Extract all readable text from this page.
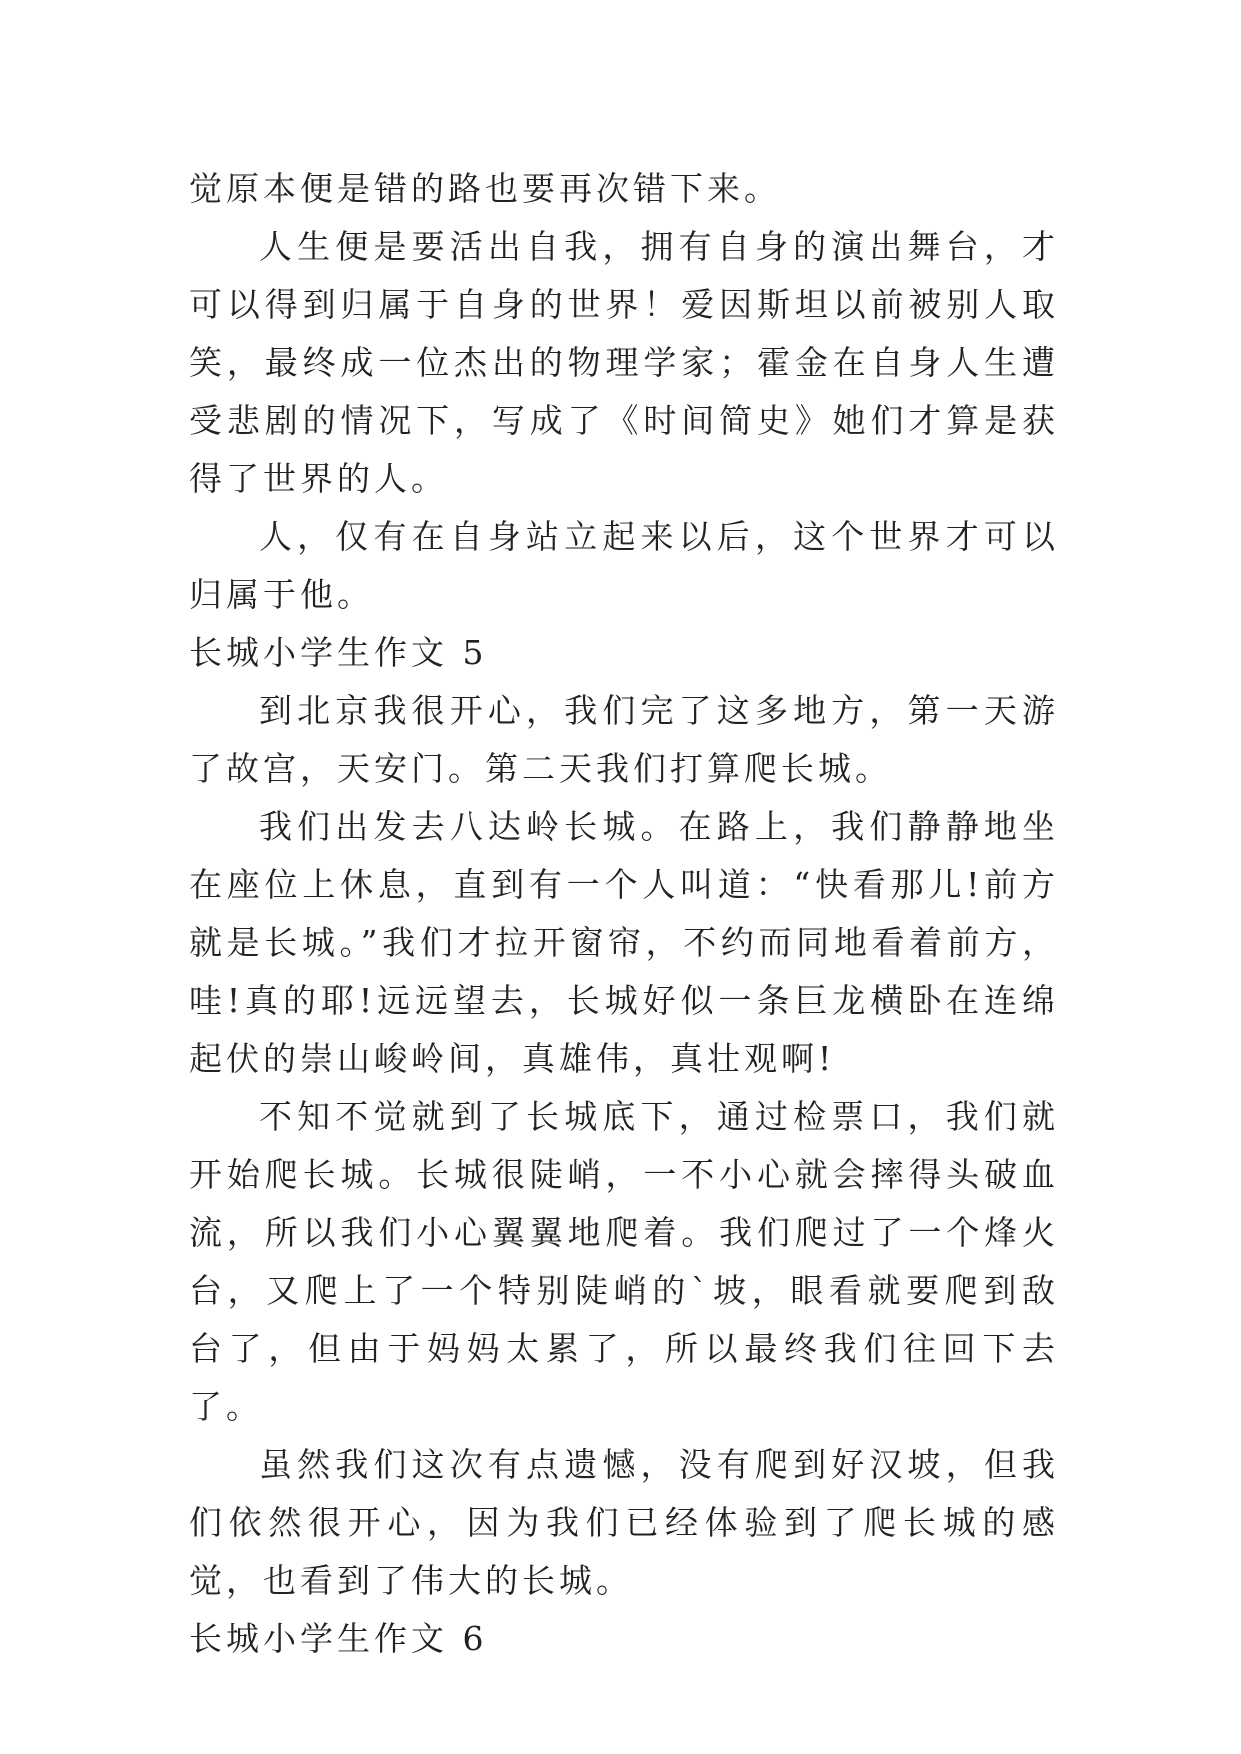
觉原本便是错的路也要再次错下来。

人生便是要活出自我，拥有自身的演出舞台，才可以得到归属于自身的世界！爱因斯坦以前被别人取笑，最终成一位杰出的物理学家；霍金在自身人生遭受悲剧的情况下，写成了《时间简史》她们才算是获得了世界的人。

人，仅有在自身站立起来以后，这个世界才可以归属于他。

长城小学生作文 5

到北京我很开心，我们完了这多地方，第一天游了故宫，天安门。第二天我们打算爬长城。

我们出发去八达岭长城。在路上，我们静静地坐在座位上休息，直到有一个人叫道：“快看那儿!前方就是长城。”我们才拉开窗帘，不约而同地看着前方，哇!真的耶!远远望去，长城好似一条巨龙横卧在连绵起伏的崇山峻岭间，真雄伟，真壮观啊!

不知不觉就到了长城底下，通过检票口，我们就开始爬长城。长城很陡峭，一不小心就会摔得头破血流，所以我们小心翼翼地爬着。我们爬过了一个烽火台，又爬上了一个特别陡峭的`坡，眼看就要爬到敌台了，但由于妈妈太累了，所以最终我们往回下去了。

虽然我们这次有点遗憾，没有爬到好汉坡，但我们依然很开心，因为我们已经体验到了爬长城的感觉，也看到了伟大的长城。

长城小学生作文 6
